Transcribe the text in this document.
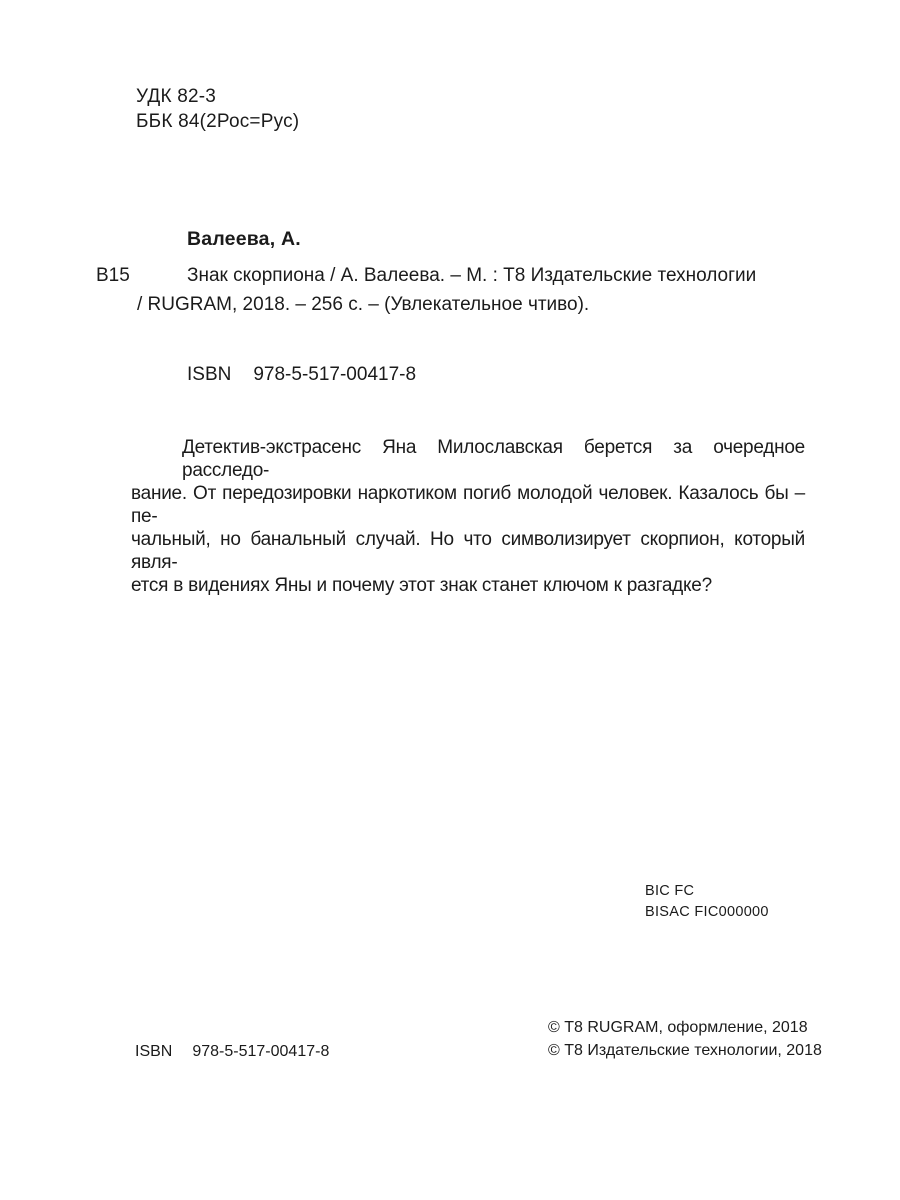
УДК 82-3
ББК 84(2Рос=Рус)
Валеева, А.
В15	Знак скорпиона / А. Валеева. – М. : Т8 Издательские технологии
/ RUGRAM, 2018. – 256 с. – (Увлекательное чтиво).
ISBN 978-5-517-00417-8
Детектив-экстрасенс Яна Милославская берется за очередное расследо-
вание. От передозировки наркотиком погиб молодой человек. Казалось бы – пе-
чальный, но банальный случай. Но что символизирует скорпион, который явля-
ется в видениях Яны и почему этот знак станет ключом к разгадке?
BIC FC
BISAC FIC000000
© Т8 RUGRAM, оформление, 2018
© Т8 Издательские технологии, 2018
ISBN 978-5-517-00417-8
